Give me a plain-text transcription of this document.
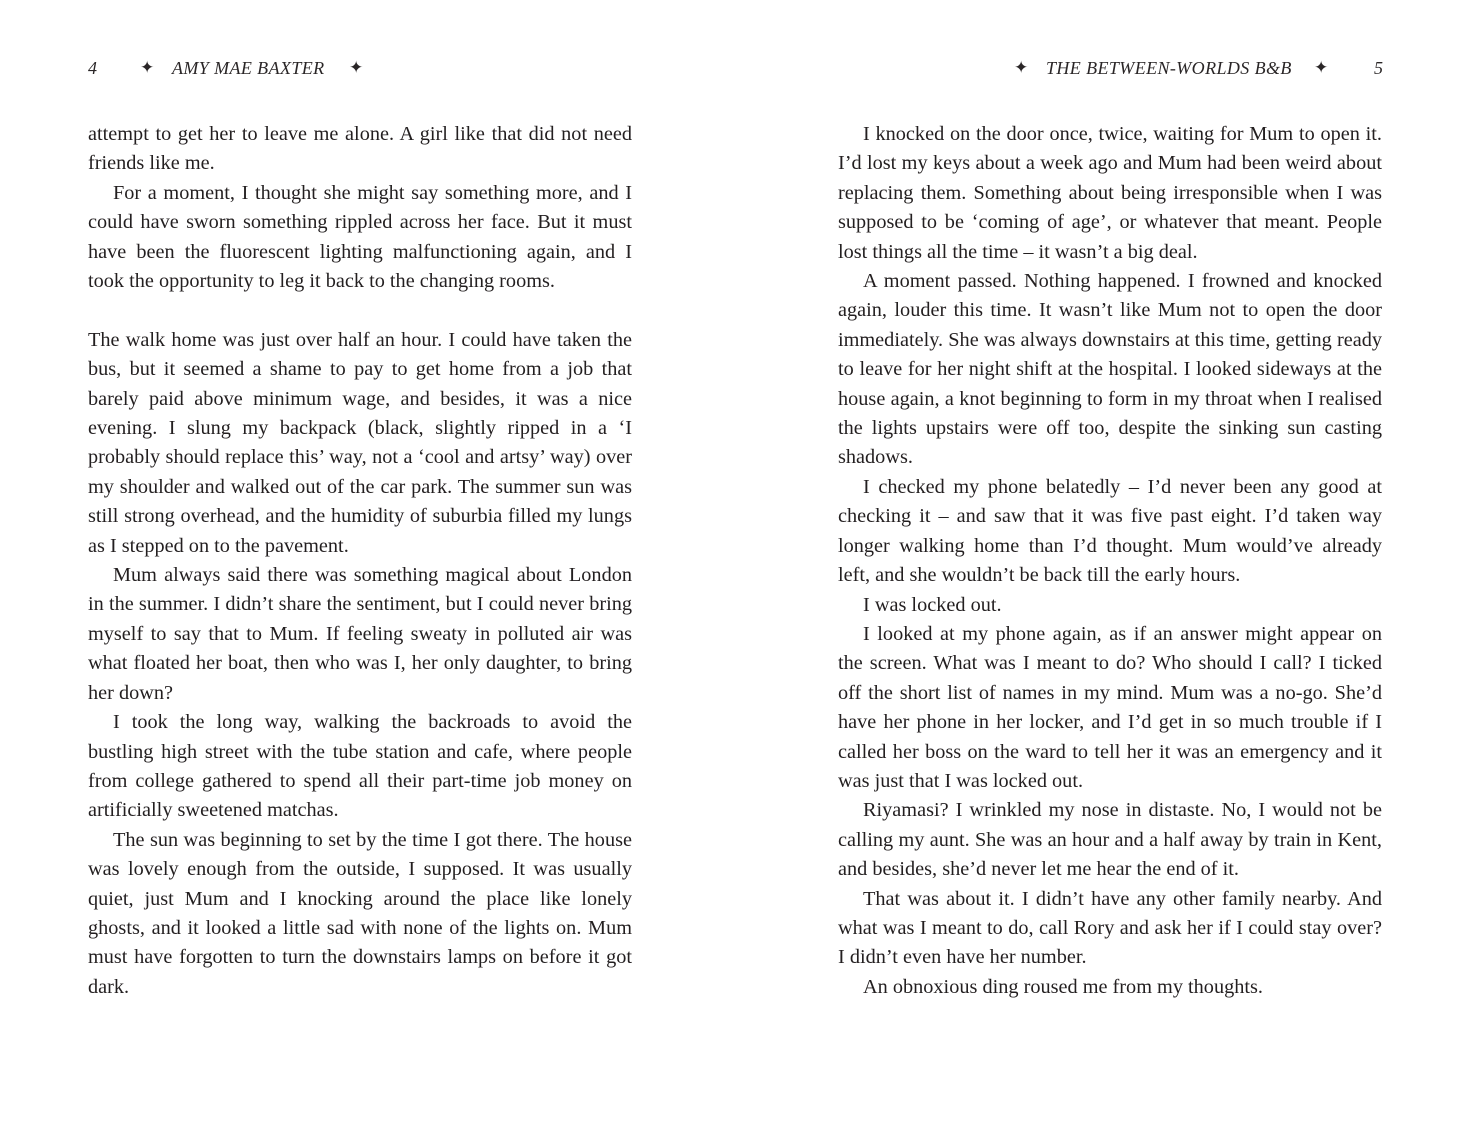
4	✦ AMY MAE BAXTER ✦

attempt to get her to leave me alone. A girl like that did not need friends like me.

For a moment, I thought she might say something more, and I could have sworn something rippled across her face. But it must have been the fluorescent lighting malfunctioning again, and I took the opportunity to leg it back to the changing rooms.

The walk home was just over half an hour. I could have taken the bus, but it seemed a shame to pay to get home from a job that barely paid above minimum wage, and besides, it was a nice evening. I slung my backpack (black, slightly ripped in a ‘I probably should replace this’ way, not a ‘cool and artsy’ way) over my shoulder and walked out of the car park. The summer sun was still strong overhead, and the humidity of suburbia filled my lungs as I stepped on to the pavement.

Mum always said there was something magical about London in the summer. I didn’t share the sentiment, but I could never bring myself to say that to Mum. If feeling sweaty in polluted air was what floated her boat, then who was I, her only daughter, to bring her down?

I took the long way, walking the backroads to avoid the bustling high street with the tube station and cafe, where people from college gathered to spend all their part-time job money on artificially sweetened matchas.

The sun was beginning to set by the time I got there. The house was lovely enough from the outside, I supposed. It was usually quiet, just Mum and I knocking around the place like lonely ghosts, and it looked a little sad with none of the lights on. Mum must have forgotten to turn the downstairs lamps on before it got dark.

✦ THE BETWEEN-WORLDS B&B ✦	5

I knocked on the door once, twice, waiting for Mum to open it. I’d lost my keys about a week ago and Mum had been weird about replacing them. Something about being irresponsible when I was supposed to be ‘coming of age’, or whatever that meant. People lost things all the time – it wasn’t a big deal.

A moment passed. Nothing happened. I frowned and knocked again, louder this time. It wasn’t like Mum not to open the door immediately. She was always downstairs at this time, getting ready to leave for her night shift at the hospital. I looked sideways at the house again, a knot beginning to form in my throat when I realised the lights upstairs were off too, despite the sinking sun casting shadows.

I checked my phone belatedly – I’d never been any good at checking it – and saw that it was five past eight. I’d taken way longer walking home than I’d thought. Mum would’ve already left, and she wouldn’t be back till the early hours.

I was locked out.

I looked at my phone again, as if an answer might appear on the screen. What was I meant to do? Who should I call? I ticked off the short list of names in my mind. Mum was a no-go. She’d have her phone in her locker, and I’d get in so much trouble if I called her boss on the ward to tell her it was an emergency and it was just that I was locked out.

Riyamasi? I wrinkled my nose in distaste. No, I would not be calling my aunt. She was an hour and a half away by train in Kent, and besides, she’d never let me hear the end of it.

That was about it. I didn’t have any other family nearby. And what was I meant to do, call Rory and ask her if I could stay over? I didn’t even have her number.

An obnoxious ding roused me from my thoughts.
